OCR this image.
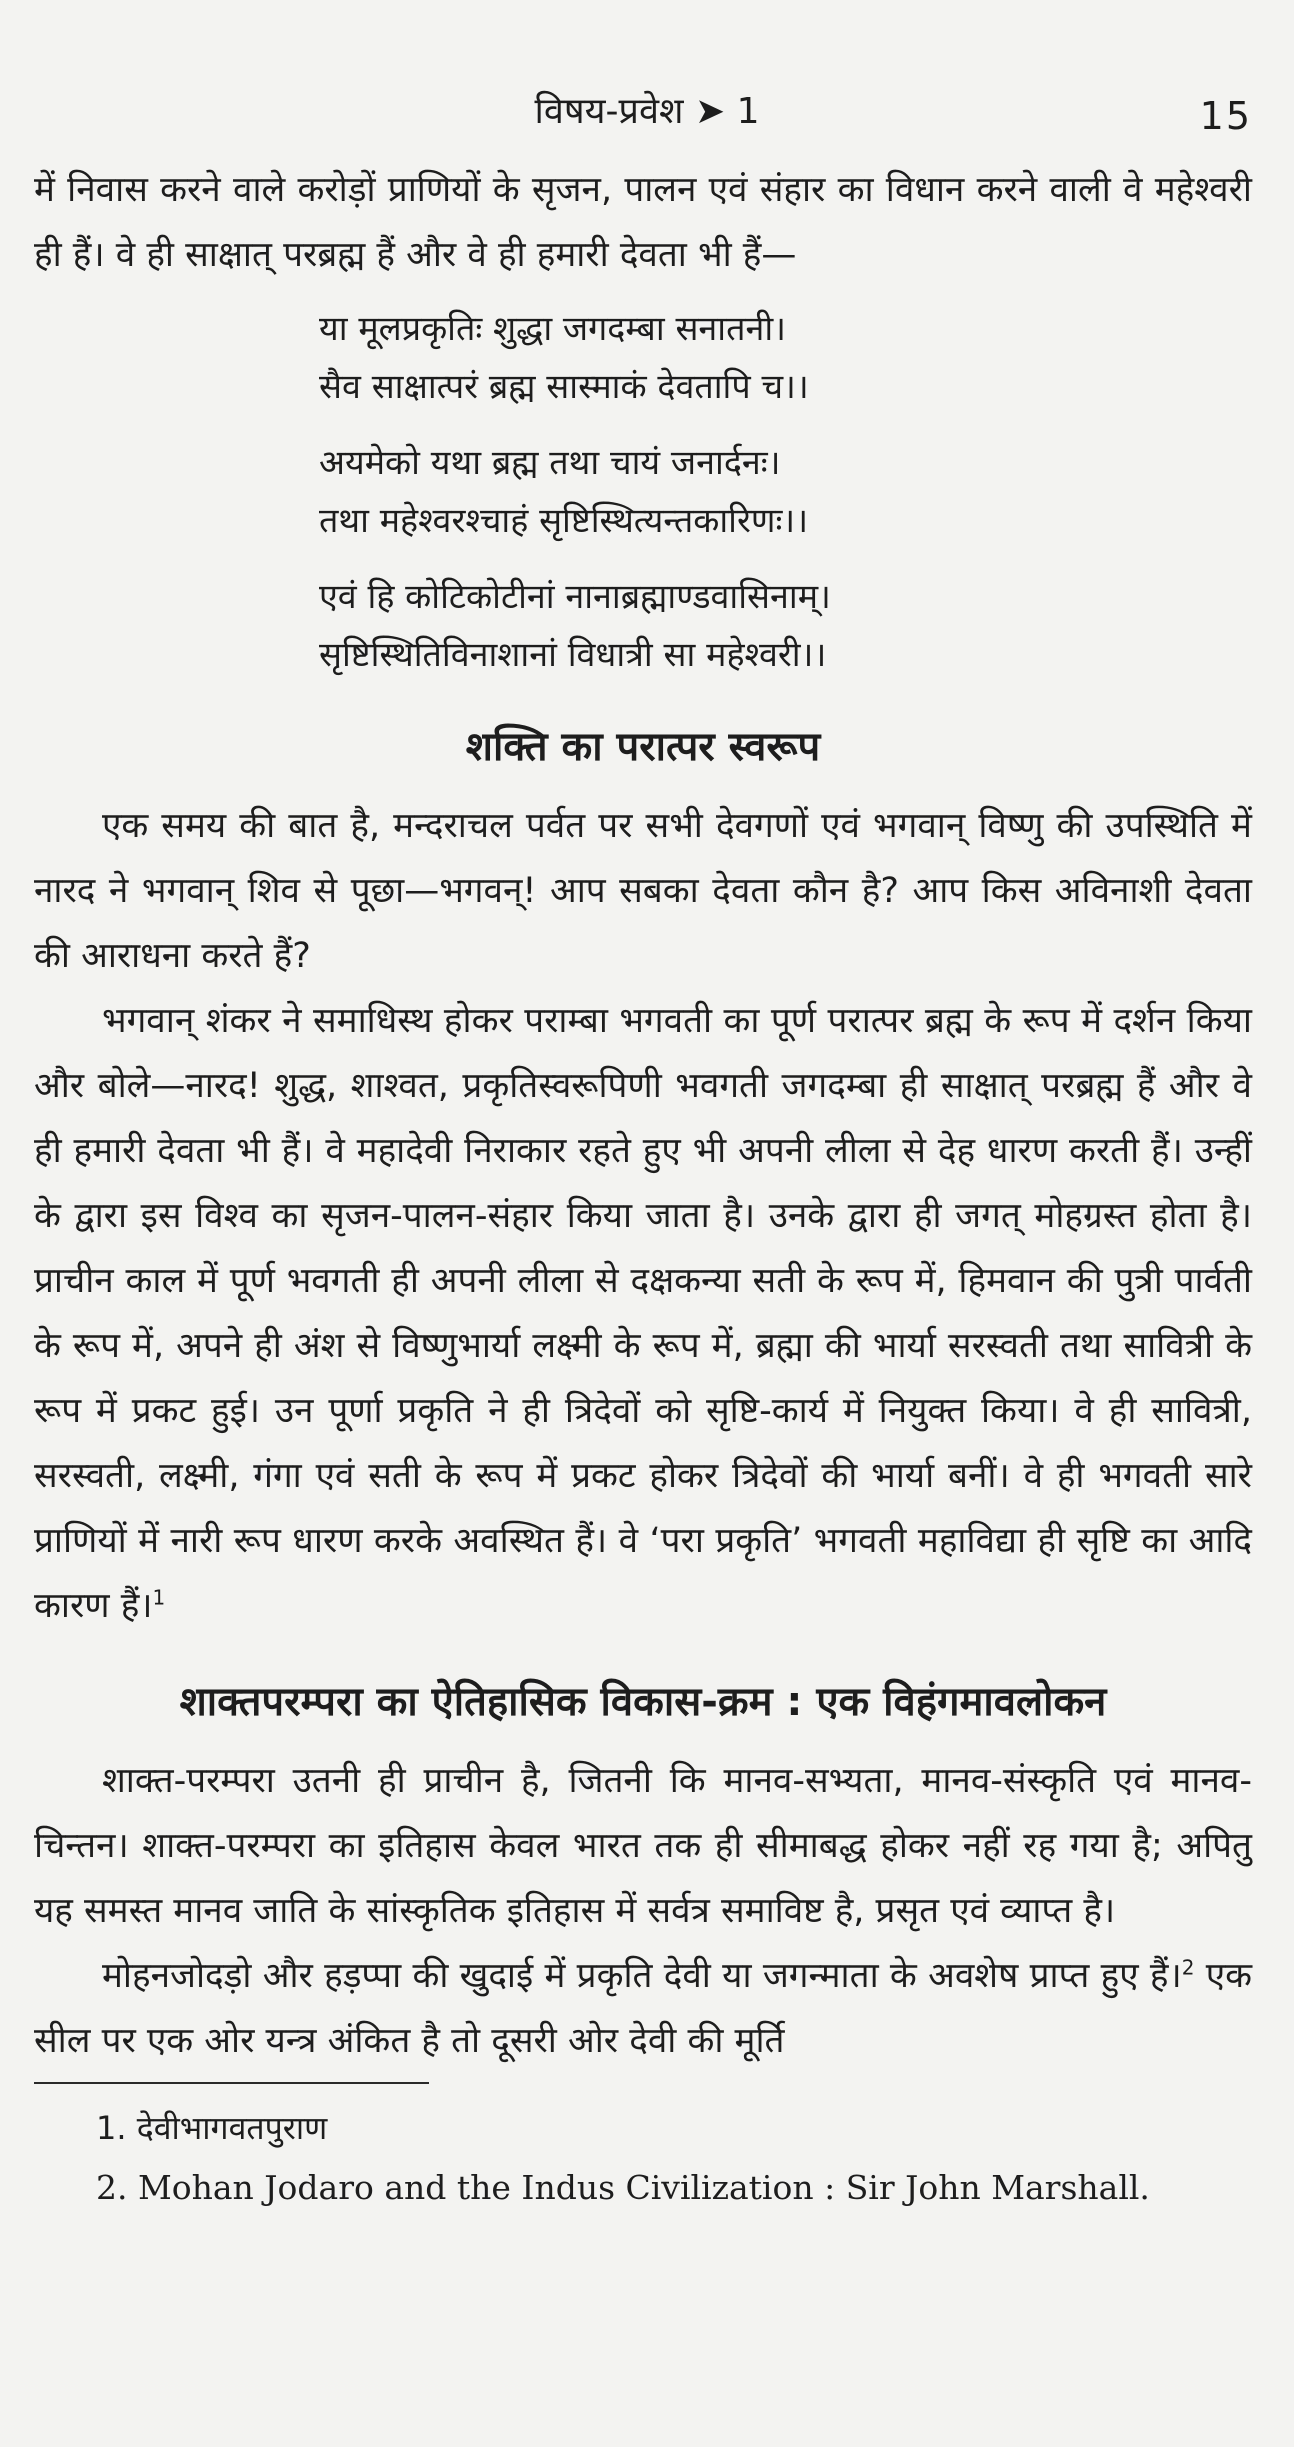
विषय-प्रवेश ➤ 1	15

में निवास करने वाले करोड़ों प्राणियों के सृजन, पालन एवं संहार का विधान करने वाली वे महेश्वरी ही हैं। वे ही साक्षात् परब्रह्म हैं और वे ही हमारी देवता भी हैं—

या मूलप्रकृतिः शुद्धा जगदम्बा सनातनी।

सैव साक्षात्परं ब्रह्म सास्माकं देवतापि च।।

अयमेको यथा ब्रह्म तथा चायं जनार्दनः।

तथा महेश्वरश्चाहं सृष्टिस्थित्यन्तकारिणः।।

एवं हि कोटिकोटीनां नानाब्रह्माण्डवासिनाम्।

सृष्टिस्थितिविनाशानां विधात्री सा महेश्वरी।।

शक्ति का परात्पर स्वरूप

एक समय की बात है, मन्दराचल पर्वत पर सभी देवगणों एवं भगवान् विष्णु की उपस्थिति में नारद ने भगवान् शिव से पूछा—भगवन्! आप सबका देवता कौन है? आप किस अविनाशी देवता की आराधना करते हैं?

भगवान् शंकर ने समाधिस्थ होकर पराम्बा भगवती का पूर्ण परात्पर ब्रह्म के रूप में दर्शन किया और बोले—नारद! शुद्ध, शाश्वत, प्रकृतिस्वरूपिणी भवगती जगदम्बा ही साक्षात् परब्रह्म हैं और वे ही हमारी देवता भी हैं। वे महादेवी निराकार रहते हुए भी अपनी लीला से देह धारण करती हैं। उन्हीं के द्वारा इस विश्व का सृजन-पालन-संहार किया जाता है। उनके द्वारा ही जगत् मोहग्रस्त होता है। प्राचीन काल में पूर्ण भवगती ही अपनी लीला से दक्षकन्या सती के रूप में, हिमवान की पुत्री पार्वती के रूप में, अपने ही अंश से विष्णुभार्या लक्ष्मी के रूप में, ब्रह्मा की भार्या सरस्वती तथा सावित्री के रूप में प्रकट हुई। उन पूर्णा प्रकृति ने ही त्रिदेवों को सृष्टि-कार्य में नियुक्त किया। वे ही सावित्री, सरस्वती, लक्ष्मी, गंगा एवं सती के रूप में प्रकट होकर त्रिदेवों की भार्या बनीं। वे ही भगवती सारे प्राणियों में नारी रूप धारण करके अवस्थित हैं। वे ‘परा प्रकृति’ भगवती महाविद्या ही सृष्टि का आदि कारण हैं।$^1$

शाक्तपरम्परा का ऐतिहासिक विकास-क्रम : एक विहंगमावलोकन

शाक्त-परम्परा उतनी ही प्राचीन है, जितनी कि मानव-सभ्यता, मानव-संस्कृति एवं मानव-चिन्तन। शाक्त-परम्परा का इतिहास केवल भारत तक ही सीमाबद्ध होकर नहीं रह गया है; अपितु यह समस्त मानव जाति के सांस्कृतिक इतिहास में सर्वत्र समाविष्ट है, प्रसृत एवं व्याप्त है।

मोहनजोदड़ो और हड़प्पा की खुदाई में प्रकृति देवी या जगन्माता के अवशेष प्राप्त हुए हैं।$^2$ एक सील पर एक ओर यन्त्र अंकित है तो दूसरी ओर देवी की मूर्ति

1. देवीभागवतपुराण

2. Mohan Jodaro and the Indus Civilization : Sir John Marshall.
